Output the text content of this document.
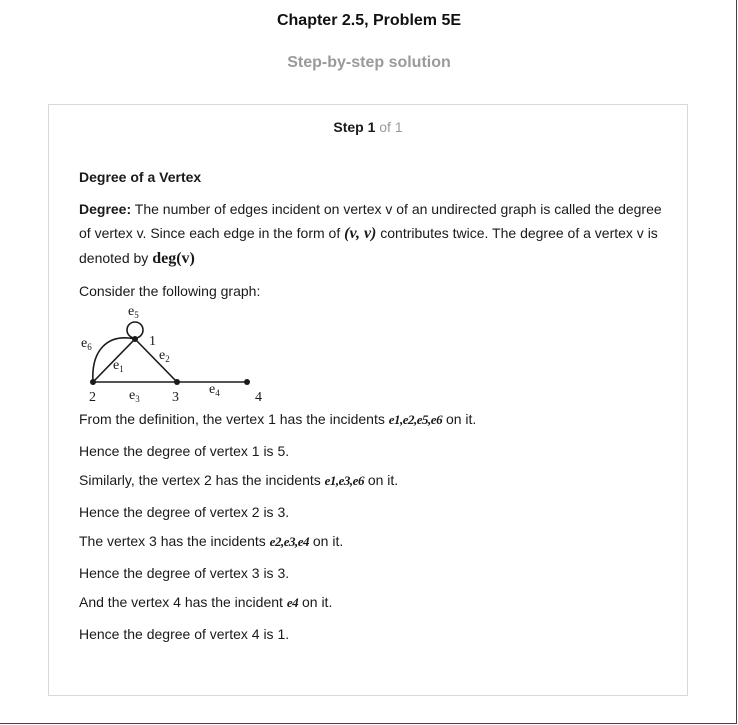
Chapter 2.5, Problem 5E
Step-by-step solution
Step 1 of 1

Degree of a Vertex

Degree: The number of edges incident on vertex v of an undirected graph is called the degree of vertex v. Since each edge in the form of (v, v) contributes twice. The degree of a vertex v is denoted by deg(v)

Consider the following graph:

1
2	3	4
$e_5$
$e_6$
$e_1$
$e_2$
$e_3$
$e_4$
From the definition, the vertex 1 has the incidents e1,e2,e5,e6 on it.
Hence the degree of vertex 1 is 5.
Similarly, the vertex 2 has the incidents e1,e3,e6 on it.
Hence the degree of vertex 2 is 3.
The vertex 3 has the incidents e2,e3,e4 on it.
Hence the degree of vertex 3 is 3.
And the vertex 4 has the incident e4 on it.
Hence the degree of vertex 4 is 1.
